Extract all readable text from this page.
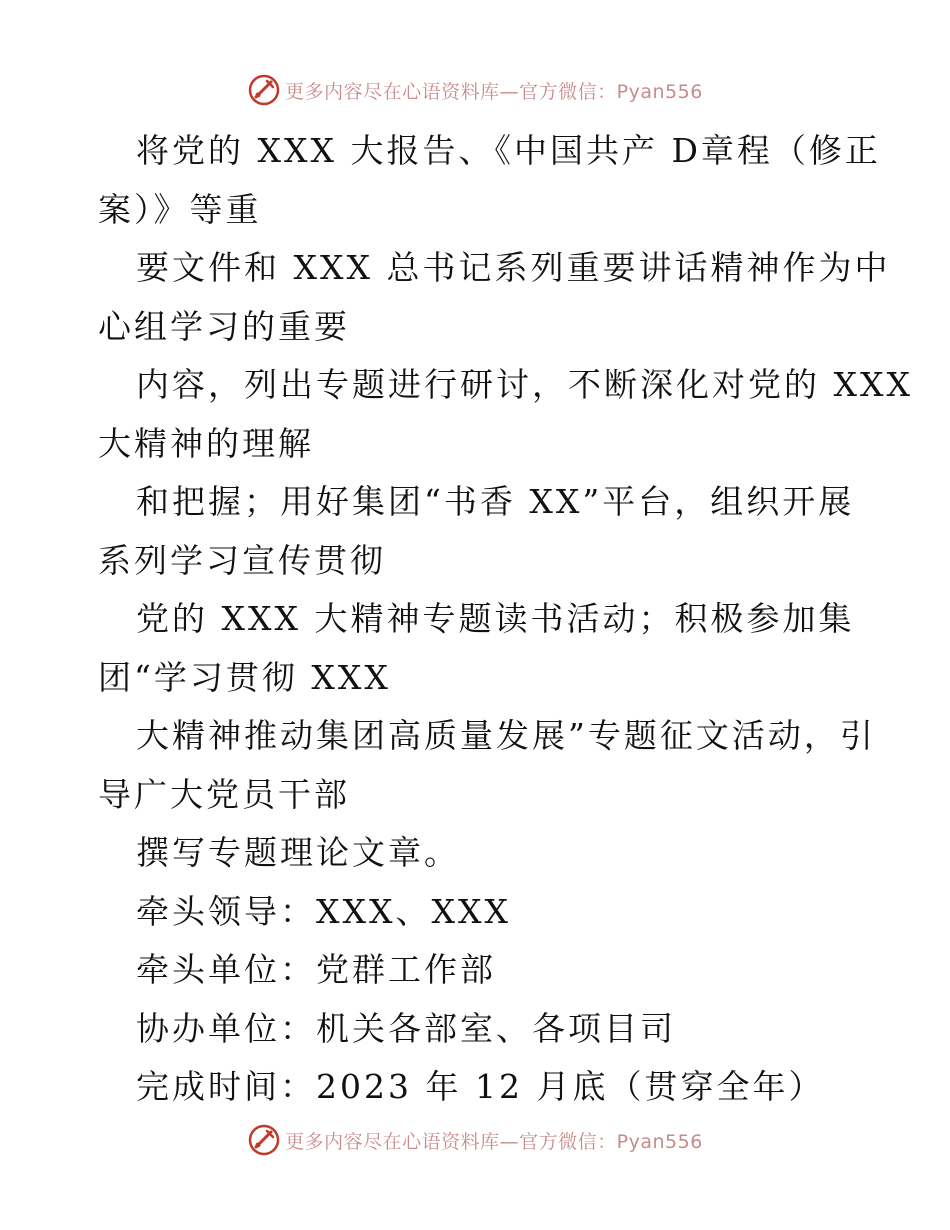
更多内容尽在心语资料库—官方微信：Pyan556
将党的 XXX 大报告、《中国共产 D章程（修正
案）》等重
要文件和 XXX 总书记系列重要讲话精神作为中
心组学习的重要
内容，列出专题进行研讨，不断深化对党的 XXX
大精神的理解
和把握；用好集团“书香 XX”平台，组织开展
系列学习宣传贯彻
党的 XXX 大精神专题读书活动；积极参加集
团“学习贯彻 XXX
大精神推动集团高质量发展”专题征文活动，引
导广大党员干部
撰写专题理论文章。
牵头领导：XXX、XXX
牵头单位：党群工作部
协办单位：机关各部室、各项目司
完成时间：2023 年 12 月底（贯穿全年）
更多内容尽在心语资料库—官方微信：Pyan556
